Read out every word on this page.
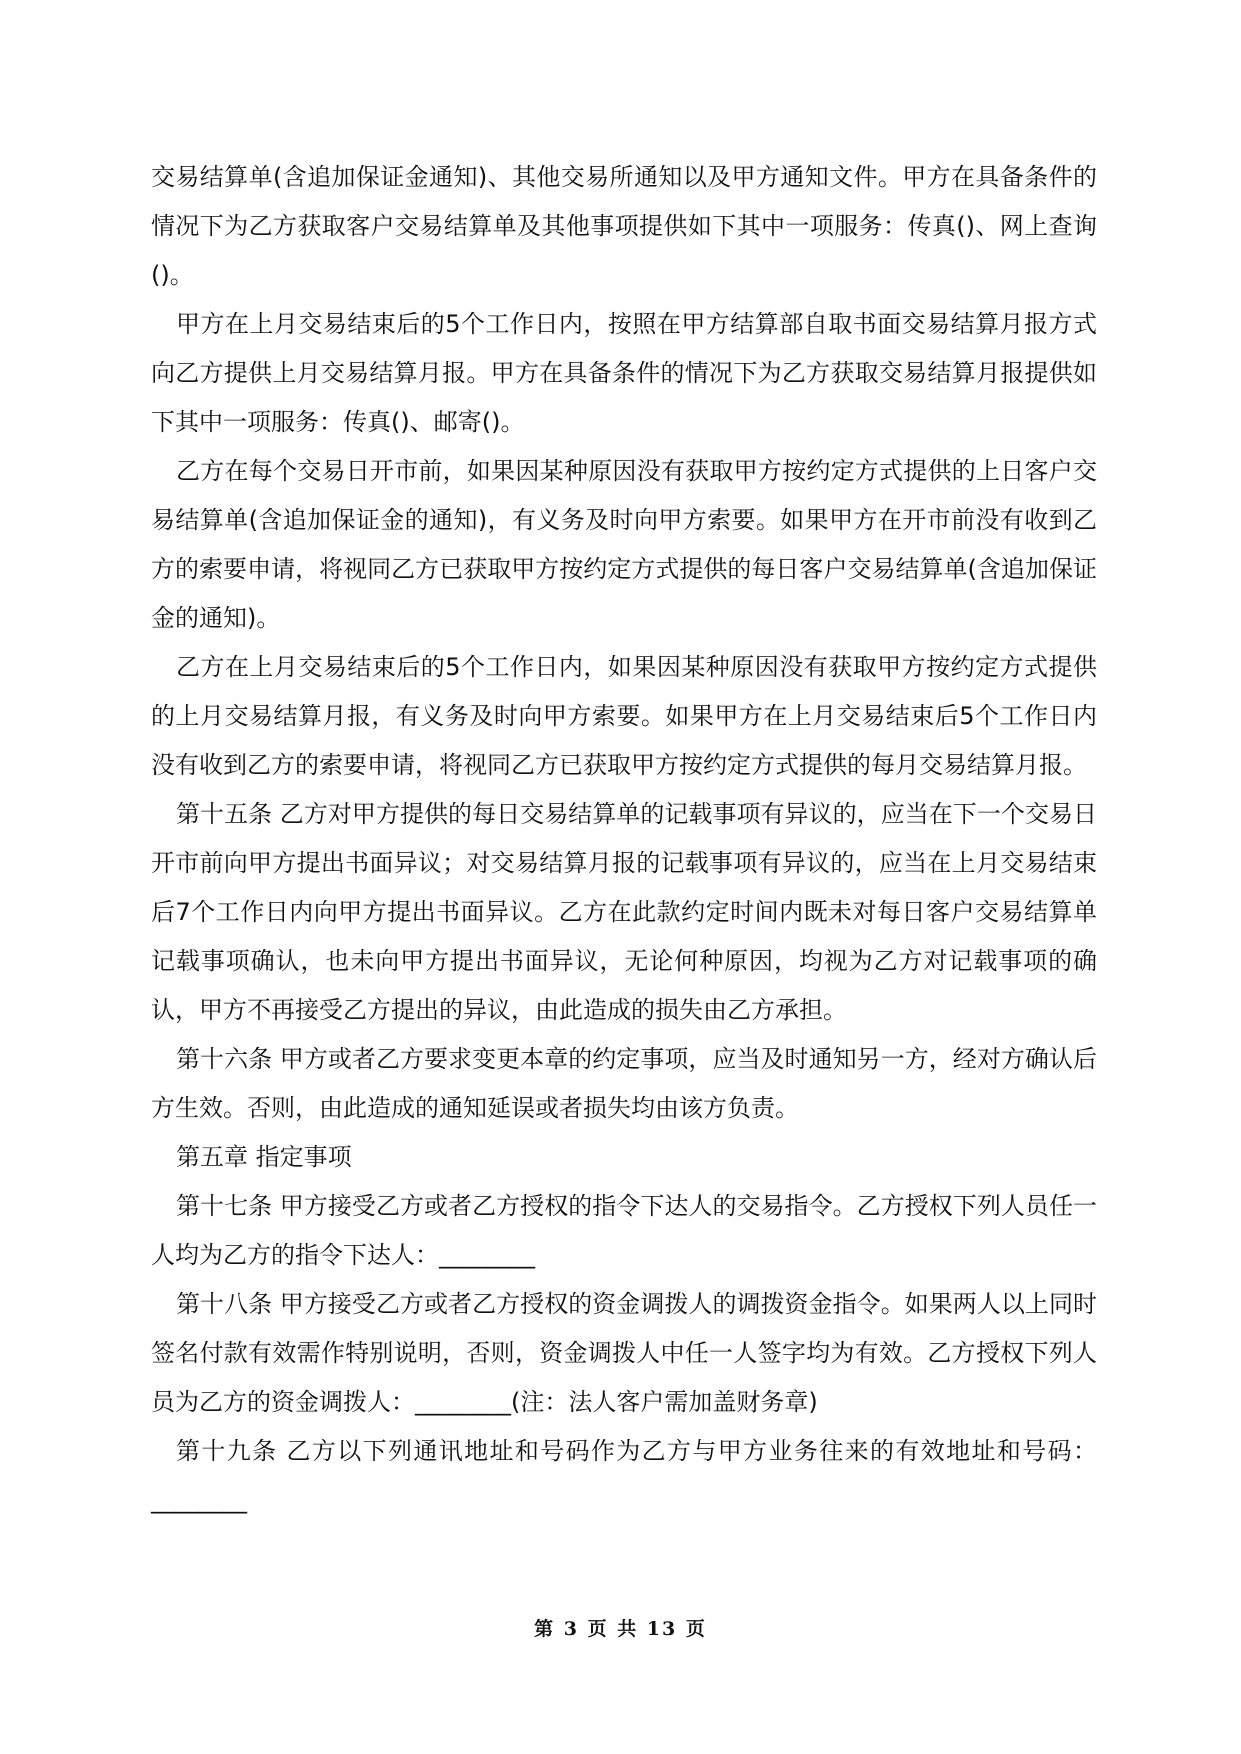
交易结算单(含追加保证金通知)、其他交易所通知以及甲方通知文件。甲方在具备条件的情况下为乙方获取客户交易结算单及其他事项提供如下其中一项服务：传真()、网上查询()。

甲方在上月交易结束后的5个工作日内，按照在甲方结算部自取书面交易结算月报方式向乙方提供上月交易结算月报。甲方在具备条件的情况下为乙方获取交易结算月报提供如下其中一项服务：传真()、邮寄()。

乙方在每个交易日开市前，如果因某种原因没有获取甲方按约定方式提供的上日客户交易结算单(含追加保证金的通知)，有义务及时向甲方索要。如果甲方在开市前没有收到乙方的索要申请，将视同乙方已获取甲方按约定方式提供的每日客户交易结算单(含追加保证金的通知)。

乙方在上月交易结束后的5个工作日内，如果因某种原因没有获取甲方按约定方式提供的上月交易结算月报，有义务及时向甲方索要。如果甲方在上月交易结束后5个工作日内没有收到乙方的索要申请，将视同乙方已获取甲方按约定方式提供的每月交易结算月报。

第十五条 乙方对甲方提供的每日交易结算单的记载事项有异议的，应当在下一个交易日开市前向甲方提出书面异议；对交易结算月报的记载事项有异议的，应当在上月交易结束后7个工作日内向甲方提出书面异议。乙方在此款约定时间内既未对每日客户交易结算单记载事项确认，也未向甲方提出书面异议，无论何种原因，均视为乙方对记载事项的确认，甲方不再接受乙方提出的异议，由此造成的损失由乙方承担。

第十六条 甲方或者乙方要求变更本章的约定事项，应当及时通知另一方，经对方确认后方生效。否则，由此造成的通知延误或者损失均由该方负责。

第五章 指定事项

第十七条 甲方接受乙方或者乙方授权的指令下达人的交易指令。乙方授权下列人员任一人均为乙方的指令下达人：________

第十八条 甲方接受乙方或者乙方授权的资金调拨人的调拨资金指令。如果两人以上同时签名付款有效需作特别说明，否则，资金调拨人中任一人签字均为有效。乙方授权下列人员为乙方的资金调拨人：________(注：法人客户需加盖财务章)

第十九条 乙方以下列通讯地址和号码作为乙方与甲方业务往来的有效地址和号码：________

第 3 页 共 13 页
